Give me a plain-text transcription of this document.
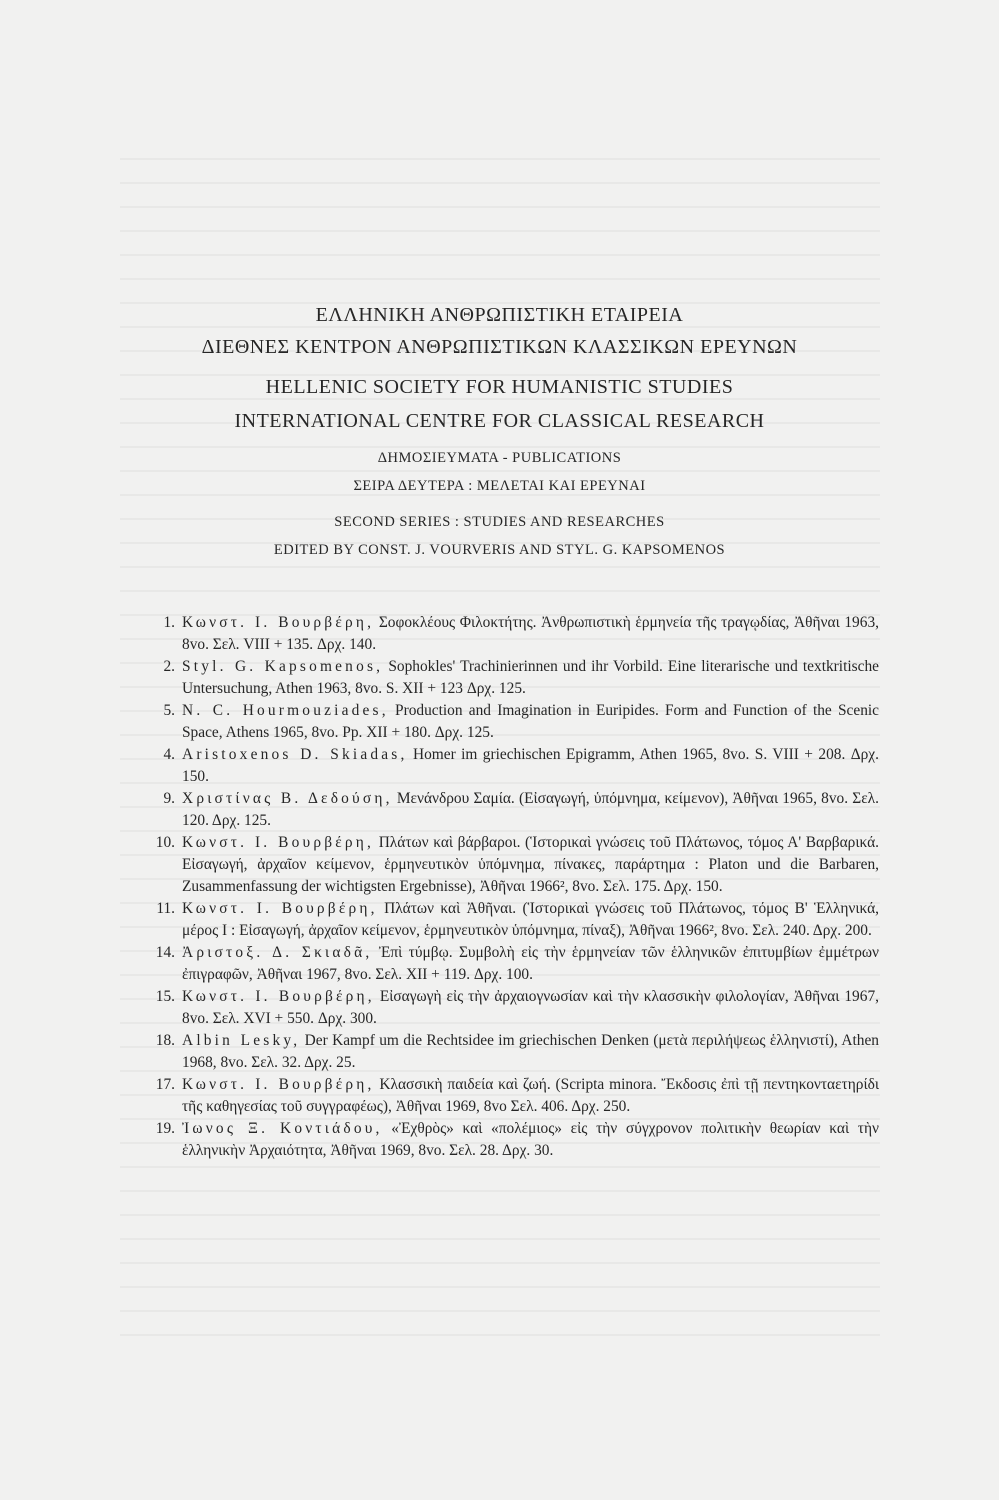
ΕΛΛΗΝΙΚΗ ΑΝΘΡΩΠΙΣΤΙΚΗ ΕΤΑΙΡΕΙΑ
ΔΙΕΘΝΕΣ ΚΕΝΤΡΟΝ ΑΝΘΡΩΠΙΣΤΙΚΩΝ ΚΛΑΣΣΙΚΩΝ ΕΡΕΥΝΩΝ
HELLENIC SOCIETY FOR HUMANISTIC STUDIES
INTERNATIONAL CENTRE FOR CLASSICAL RESEARCH
ΔΗΜΟΣΙΕΥΜΑΤΑ - PUBLICATIONS
ΣΕΙΡΑ ΔΕΥΤΕΡΑ : ΜΕΛΕΤΑΙ ΚΑΙ ΕΡΕΥΝΑΙ
SECOND SERIES : STUDIES AND RESEARCHES
EDITED BY CONST. J. VOURVERIS AND STYL. G. KAPSOMENOS
1. Κωνστ. Ι. Βουρβέρη, Σοφοκλέους Φιλοκτήτης. Ἀνθρωπιστικὴ ἑρμηνεία τῆς τραγῳδίας, Ἀθῆναι 1963, 8vo. Σελ. VIII + 135. Δρχ. 140.
2. Styl. G. Kapsomenos, Sophokles' Trachinierinnen und ihr Vorbild. Eine literarische und textkritische Untersuchung, Athen 1963, 8vo. S. XII + 123 Δρχ. 125.
5. N. C. Hourmouziades, Production and Imagination in Euripides. Form and Function of the Scenic Space, Athens 1965, 8vo. Pp. XII + 180. Δρχ. 125.
4. Aristoxenos D. Skiadas, Homer im griechischen Epigramm, Athen 1965, 8vo. S. VIII + 208. Δρχ. 150.
9. Χριστίνας Β. Δεδούση, Μενάνδρου Σαμία. (Εἰσαγωγή, ὑπόμνημα, κείμενον), Ἀθῆναι 1965, 8vo. Σελ. 120. Δρχ. 125.
10. Κωνστ. Ι. Βουρβέρη, Πλάτων καὶ βάρβαροι. (Ἱστορικαὶ γνώσεις τοῦ Πλάτωνος, τόμος Α' Βαρβαρικά. Εἰσαγωγή, ἀρχαῖον κείμενον, ἑρμηνευτικὸν ὑπόμνημα, πίνακες, παράρτημα : Platon und die Barbaren, Zusammenfassung der wichtigsten Ergebnisse), Ἀθῆναι 1966², 8vo. Σελ. 175. Δρχ. 150.
11. Κωνστ. Ι. Βουρβέρη, Πλάτων καὶ Ἀθῆναι. (Ἱστορικαὶ γνώσεις τοῦ Πλάτωνος, τόμος Β' Ἑλληνικά, μέρος Ι : Εἰσαγωγή, ἀρχαῖον κείμενον, ἑρμηνευτικὸν ὑπόμνημα, πίναξ), Ἀθῆναι 1966², 8vo. Σελ. 240. Δρχ. 200.
14. Ἀριστοξ. Δ. Σκιαδᾶ, Ἐπὶ τύμβῳ. Συμβολὴ εἰς τὴν ἑρμηνείαν τῶν ἑλληνικῶν ἐπιτυμβίων ἐμμέτρων ἐπιγραφῶν, Ἀθῆναι 1967, 8vo. Σελ. XII + 119. Δρχ. 100.
15. Κωνστ. Ι. Βουρβέρη, Εἰσαγωγὴ εἰς τὴν ἀρχαιογνωσίαν καὶ τὴν κλασσικὴν φιλολογίαν, Ἀθῆναι 1967, 8vo. Σελ. XVI + 550. Δρχ. 300.
18. Albin Lesky, Der Kampf um die Rechtsidee im griechischen Denken (μετὰ περιλήψεως ἑλληνιστί), Athen 1968, 8vo. Σελ. 32. Δρχ. 25.
17. Κωνστ. Ι. Βουρβέρη, Κλασσικὴ παιδεία καὶ ζωή. (Scripta minora. Ἔκδοσις ἐπὶ τῇ πεντηκονταετηρίδι τῆς καθηγεσίας τοῦ συγγραφέως), Ἀθῆναι 1969, 8vo Σελ. 406. Δρχ. 250.
19. Ἰωνος Ξ. Κοντιάδου, «Ἐχθρὸς» καὶ «πολέμιος» εἰς τὴν σύγχρονον πολιτικὴν θεωρίαν καὶ τὴν ἑλληνικὴν Ἀρχαιότητα, Ἀθῆναι 1969, 8vo. Σελ. 28. Δρχ. 30.
